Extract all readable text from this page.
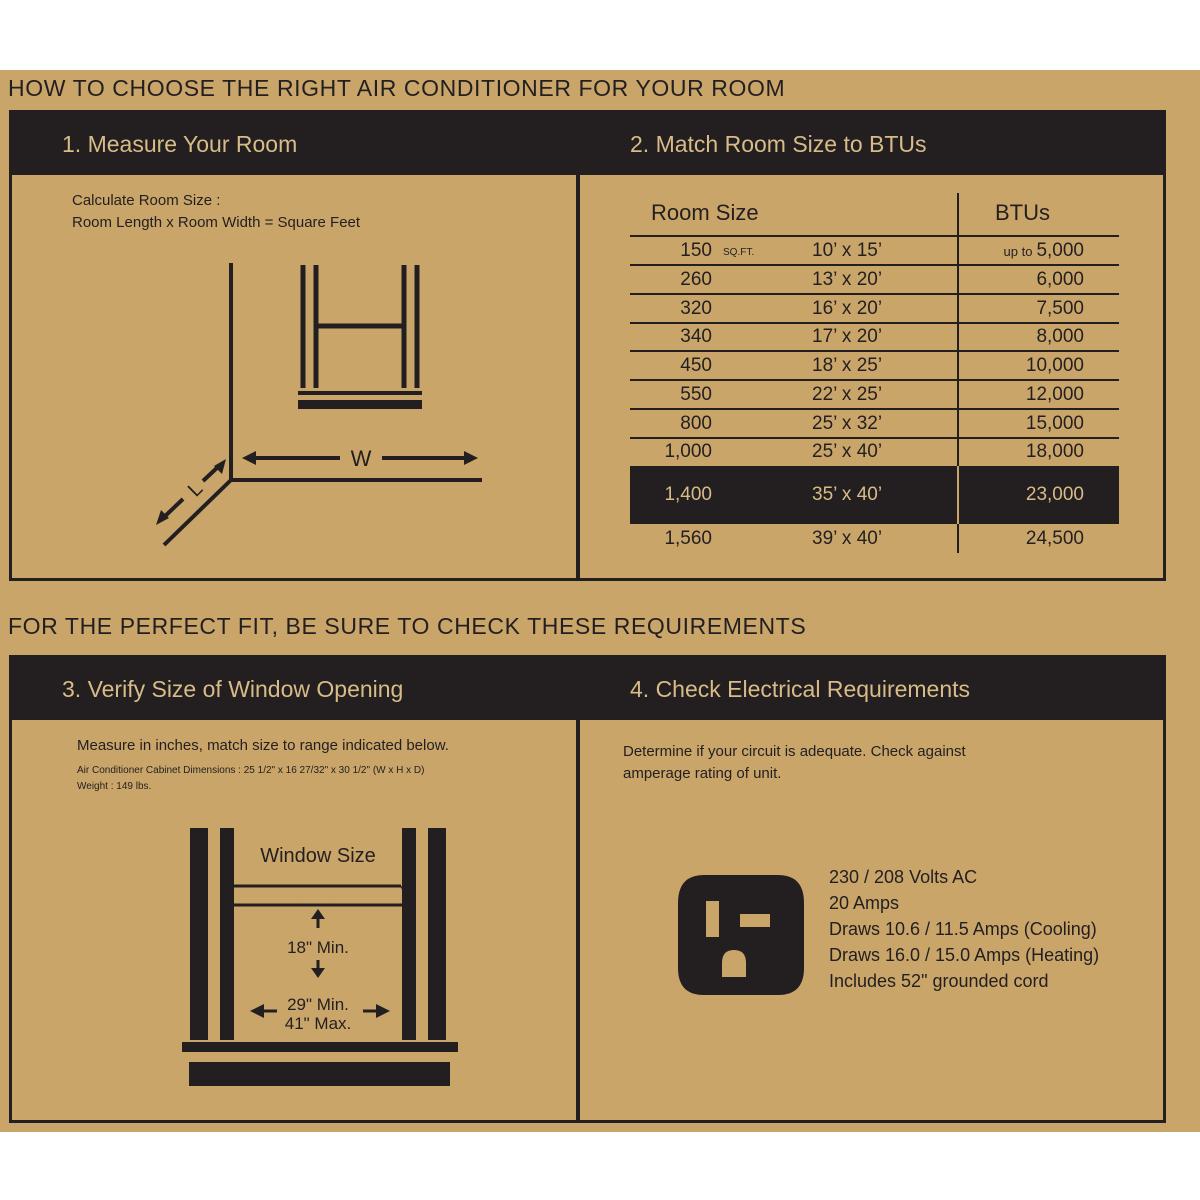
HOW TO CHOOSE THE RIGHT AIR CONDITIONER FOR YOUR ROOM
FOR THE PERFECT FIT, BE SURE TO CHECK THESE REQUIREMENTS
1. Measure Your Room
Calculate Room Size :
Room Length x Room Width = Square Feet
W
L
2. Match Room Size to BTUs
Room Size	BTUs
150 SQ.FT.	10’ x 15’	up to 5,000
260	13’ x 20’	6,000
320	16’ x 20’	7,500
340	17’ x 20’	8,000
450	18’ x 25’	10,000
550	22’ x 25’	12,000
800	25’ x 32’	15,000
1,000	25’ x 40’	18,000
1,400	35’ x 40’	23,000
1,560	39’ x 40’	24,500
3. Verify Size of Window Opening
Measure in inches, match size to range indicated below.
Air Conditioner Cabinet Dimensions : 25 1/2" x 16 27/32" x 30 1/2" (W x H x D)
Weight : 149 lbs.
Window Size
18" Min.
29" Min.
41" Max.
4. Check Electrical Requirements
Determine if your circuit is adequate. Check against
amperage rating of unit.
230 / 208 Volts AC
20 Amps
Draws 10.6 / 11.5 Amps (Cooling)
Draws 16.0 / 15.0 Amps (Heating)
Includes 52" grounded cord
